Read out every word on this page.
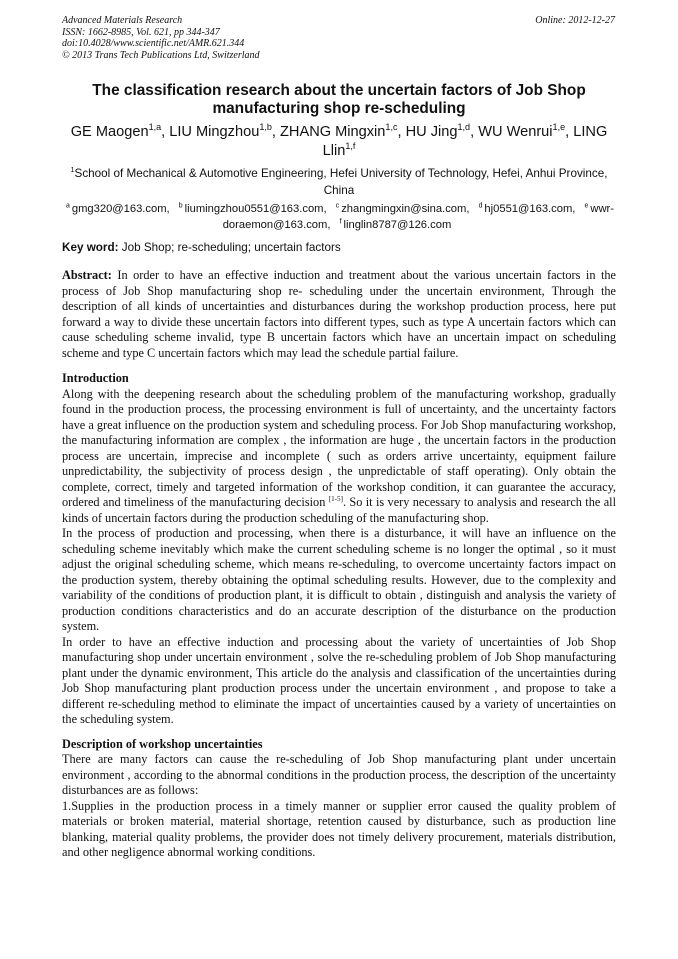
Advanced Materials Research
ISSN: 1662-8985, Vol. 621, pp 344-347
doi:10.4028/www.scientific.net/AMR.621.344
© 2013 Trans Tech Publications Ltd, Switzerland
Online: 2012-12-27
The classification research about the uncertain factors of Job Shop manufacturing shop re-scheduling
GE Maogen$^{1,a}$, LIU Mingzhou$^{1,b}$, ZHANG Mingxin$^{1,c}$, HU Jing$^{1,d}$, WU Wenrui$^{1,e}$, LING Llin$^{1,f}$
$^1$School of Mechanical & Automotive Engineering, Hefei University of Technology, Hefei, Anhui Province, China
$^a$ gmg320@163.com, $^b$ liumingzhou0551@163.com, $^c$ zhangmingxin@sina.com, $^d$ hj0551@163.com, $^e$ wwr-doraemon@163.com, $^f$ linglin8787@126.com
Key word: Job Shop; re-scheduling; uncertain factors

Abstract: In order to have an effective induction and treatment about the various uncertain factors in the process of Job Shop manufacturing shop re- scheduling under the uncertain environment, Through the description of all kinds of uncertainties and disturbances during the workshop production process, here put forward a way to divide these uncertain factors into different types, such as type A uncertain factors which can cause scheduling scheme invalid, type B uncertain factors which have an uncertain impact on scheduling scheme and type C uncertain factors which may lead the schedule partial failure.

Introduction

Along with the deepening research about the scheduling problem of the manufacturing workshop, gradually found in the production process, the processing environment is full of uncertainty, and the uncertainty factors have a great influence on the production system and scheduling process. For Job Shop manufacturing workshop, the manufacturing information are complex , the information are huge , the uncertain factors in the production process are uncertain, imprecise and incomplete ( such as orders arrive uncertainty, equipment failure unpredictability, the subjectivity of process design , the unpredictable of staff operating). Only obtain the complete, correct, timely and targeted information of the workshop condition, it can guarantee the accuracy, ordered and timeliness of the manufacturing decision [1-5]. So it is very necessary to analysis and research the all kinds of uncertain factors during the production scheduling of the manufacturing shop.

In the process of production and processing, when there is a disturbance, it will have an influence on the scheduling scheme inevitably which make the current scheduling scheme is no longer the optimal , so it must adjust the original scheduling scheme, which means re-scheduling, to overcome uncertainty factors impact on the production system, thereby obtaining the optimal scheduling results. However, due to the complexity and variability of the conditions of production plant, it is difficult to obtain , distinguish and analysis the variety of production conditions characteristics and do an accurate description of the disturbance on the production system.

In order to have an effective induction and processing about the variety of uncertainties of Job Shop manufacturing shop under uncertain environment , solve the re-scheduling problem of Job Shop manufacturing plant under the dynamic environment, This article do the analysis and classification of the uncertainties during Job Shop manufacturing plant production process under the uncertain environment , and propose to take a different re-scheduling method to eliminate the impact of uncertainties caused by a variety of uncertainties on the scheduling system.

Description of workshop uncertainties

There are many factors can cause the re-scheduling of Job Shop manufacturing plant under uncertain environment , according to the abnormal conditions in the production process, the description of the uncertainty disturbances are as follows:

1.Supplies in the production process in a timely manner or supplier error caused the quality problem of materials or broken material, material shortage, retention caused by disturbance, such as production line blanking, material quality problems, the provider does not timely delivery procurement, materials distribution, and other negligence abnormal working conditions.
